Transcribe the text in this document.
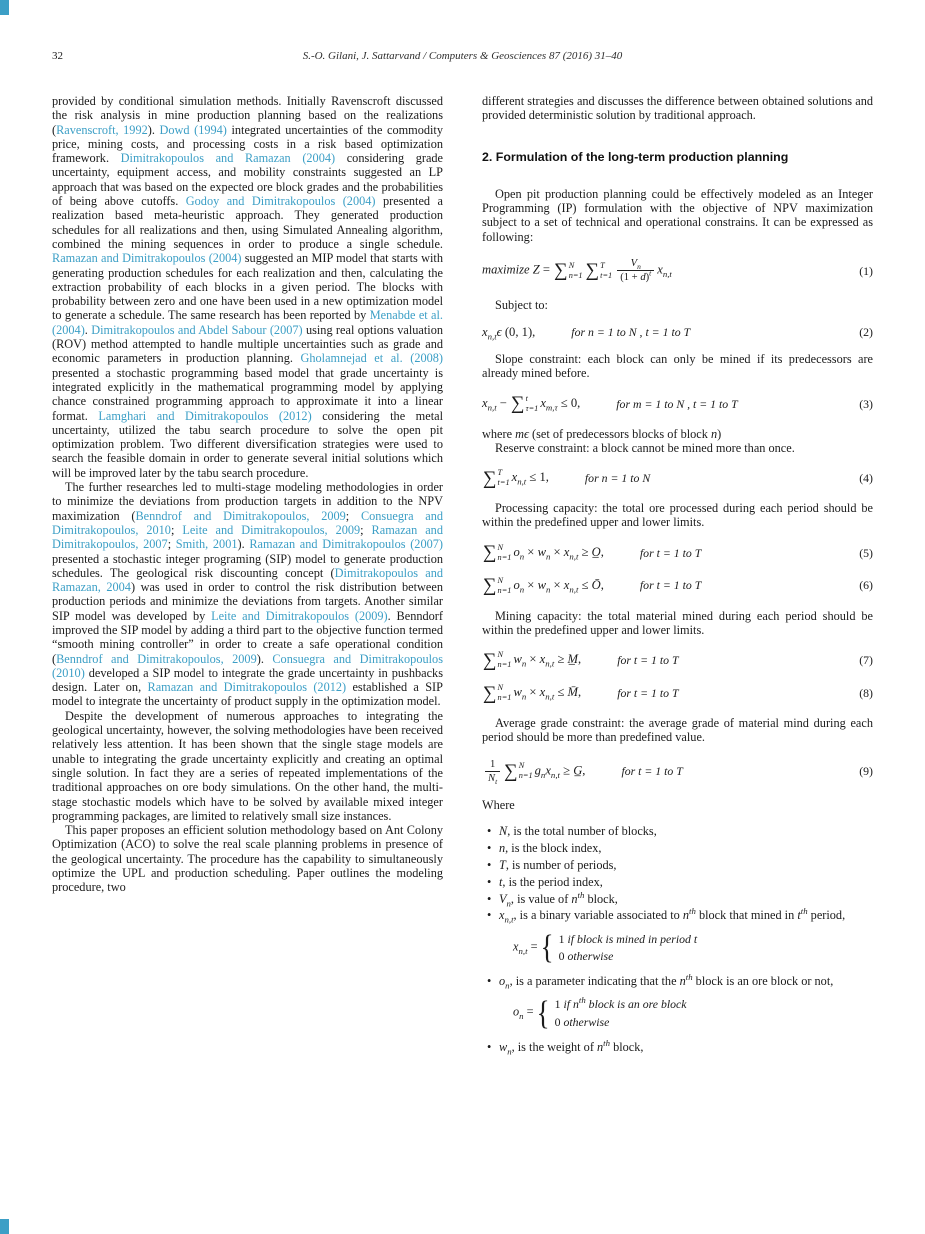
32	S.-O. Gilani, J. Sattarvand / Computers & Geosciences 87 (2016) 31–40
provided by conditional simulation methods. Initially Ravenscroft discussed the risk analysis in mine production planning based on the realizations (Ravenscroft, 1992). Dowd (1994) integrated uncertainties of the commodity price, mining costs, and processing costs in a risk based optimization framework. Dimitrakopoulos and Ramazan (2004) considering grade uncertainty, equipment access, and mobility constraints suggested an LP approach that was based on the expected ore block grades and the probabilities of being above cutoffs. Godoy and Dimitrakopoulos (2004) presented a realization based meta-heuristic approach. They generated production schedules for all realizations and then, using Simulated Annealing algorithm, combined the mining sequences in order to produce a single schedule. Ramazan and Dimitrakopoulos (2004) suggested an MIP model that starts with generating production schedules for each realization and then, calculating the extraction probability of each blocks in a given period. The blocks with probability between zero and one have been used in a new optimization model to generate a schedule. The same research has been reported by Menabde et al. (2004). Dimitrakopoulos and Abdel Sabour (2007) using real options valuation (ROV) method attempted to handle multiple uncertainties such as grade and economic parameters in production planning. Gholamnejad et al. (2008) presented a stochastic programming based model that grade uncertainty is integrated explicitly in the mathematical programming model by applying chance constrained programming approach to approximate it into a linear format. Lamghari and Dimitrakopoulos (2012) considering the metal uncertainty, utilized the tabu search procedure to solve the open pit optimization problem. Two different diversification strategies were used to search the feasible domain in order to generate several initial solutions which will be improved later by the tabu search procedure.
The further researches led to multi-stage modeling methodologies in order to minimize the deviations from production targets in addition to the NPV maximization (Benndrof and Dimitrakopoulos, 2009; Consuegra and Dimitrakopoulos, 2010; Leite and Dimitrakopoulos, 2009; Ramazan and Dimitrakopoulos, 2007; Smith, 2001). Ramazan and Dimitrakopoulos (2007) presented a stochastic integer programing (SIP) model to generate production schedules. The geological risk discounting concept (Dimitrakopoulos and Ramazan, 2004) was used in order to control the risk distribution between production periods and minimize the deviations from targets. Another similar SIP model was developed by Leite and Dimitrakopoulos (2009). Benndorf improved the SIP model by adding a third part to the objective function termed “smooth mining controller” in order to create a safe operational condition (Benndrof and Dimitrakopoulos, 2009). Consuegra and Dimitrakopoulos (2010) developed a SIP model to integrate the grade uncertainty in pushbacks design. Later on, Ramazan and Dimitrakopoulos (2012) established a SIP model to integrate the uncertainty of product supply in the optimization model.
Despite the development of numerous approaches to integrating the geological uncertainty, however, the solving methodologies have been received relatively less attention. It has been shown that the single stage models are unable to integrating the grade uncertainty explicitly and creating an optimal single solution. In fact they are a series of repeated implementations of the traditional approaches on ore body simulations. On the other hand, the multi-stage stochastic models which have to be solved by available mixed integer programming packages, are limited to relatively small size instances.
This paper proposes an efficient solution methodology based on Ant Colony Optimization (ACO) to solve the real scale planning problems in presence of the geological uncertainty. The procedure has the capability to simultaneously optimize the UPL and production scheduling. Paper outlines the modeling procedure, two
different strategies and discusses the difference between obtained solutions and provided deterministic solution by traditional approach.
2. Formulation of the long-term production planning
Open pit production planning could be effectively modeled as an Integer Programming (IP) formulation with the objective of NPV maximization subject to a set of technical and operational constrains. It can be expressed as following:
maximize Z = ∑ N
n=1 ∑ T
$t=1 \frac{V_n}{(1 + d)^t} x_{n,t}$	(1)
Subject to:
$x_{n,t}\epsilon$ (0, 1),	for n = 1 to N , t = 1 to T	(2)
Slope constraint: each block can only be mined if its predecessors are already mined before.
$x_{n,t}$ − ∑ t
τ=1 $x_{m,\tau} \le 0$,	for m = 1 to N , t = 1 to T	(3)
where mϵ (set of predecessors blocks of block n)
Reserve constraint: a block cannot be mined more than once.
∑ T
t=1 $x_{n,t} \le 1$,	for n = 1 to N	(4)
Processing capacity: the total ore processed during each period should be within the predefined upper and lower limits.
∑ N
n=1 $o_n \times w_n \times x_{n,t}$ ≥ O̲,	for t = 1 to T	(5)
∑ N
n=1 $o_n \times w_n \times x_{n,t}$ ≤ Ō,	for t = 1 to T	(6)
Mining capacity: the total material mined during each period should be within the predefined upper and lower limits.
∑ N
n=1 $w_n \times x_{n,t}$ ≥ M̲,	for t = 1 to T	(7)
∑ N
n=1 $w_n \times x_{n,t}$ ≤ M̄,	for t = 1 to T	(8)
Average grade constraint: the average grade of material mind during each period should be more than predefined value.
$\frac{1}{N_t}$ ∑ N
n=1 $g_nx_{n,t}$ ≥ G̲,	for t = 1 to T	(9)
Where
• N, is the total number of blocks,
• n, is the block index,
• T, is number of periods,
• t, is the period index,
• $V_n$, is value of $n^{th}$ block,
• $x_{n,t}$, is a binary variable associated to $n^{th}$ block that mined in $t^{th}$ period,
$x_{n,t}$ = { 1 if block is mined in period t
0 otherwise
• $o_n$, is a parameter indicating that the $n^{th}$ block is an ore block or not,
$o_n$ = { 1 if $n^{th}$ block is an ore block
0 otherwise
• $w_n$, is the weight of $n^{th}$ block,
